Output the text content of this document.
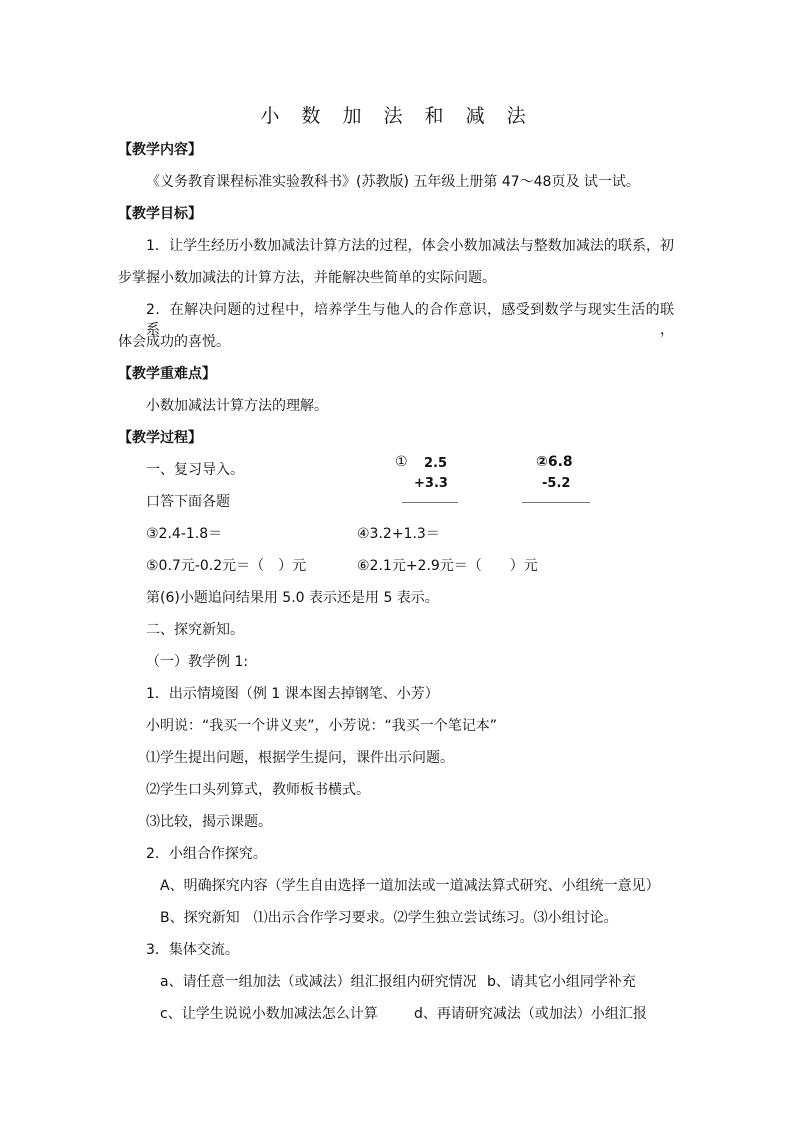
小 数 加 法 和 减 法
【教学内容】
《义务教育课程标准实验教科书》(苏教版) 五年级上册第 47～48页及 试一试。
【教学目标】
1．让学生经历小数加减法计算方法的过程，体会小数加减法与整数加减法的联系，初
步掌握小数加减法的计算方法，并能解决些简单的实际问题。
2．在解决问题的过程中，培养学生与他人的合作意识，感受到数学与现实生活的联系，
体会成功的喜悦。
【教学重难点】
小数加减法计算方法的理解。
【教学过程】
一、复习导入。
口答下面各题
① 2.5
+3.3
②6.8
-5.2
③2.4-1.8＝	④3.2+1.3＝
⑤0.7元-0.2元＝（　）元	⑥2.1元+2.9元＝（　　）元
第(6)小题追问结果用 5.0 表示还是用 5 表示。
二、探究新知。
（一）教学例 1:
1．出示情境图（例 1 课本图去掉钢笔、小芳）
小明说：“我买一个讲义夹”，小芳说：“我买一个笔记本”
⑴学生提出问题，根据学生提问，课件出示问题。
⑵学生口头列算式，教师板书横式。
⑶比较，揭示课题。
2．小组合作探究。
A、明确探究内容（学生自由选择一道加法或一道减法算式研究、小组统一意见）
B、探究新知　⑴出示合作学习要求。⑵学生独立尝试练习。⑶小组讨论。
3．集体交流。
a、请任意一组加法（或减法）组汇报组内研究情况 b、请其它小组同学补充
c、让学生说说小数加减法怎么计算	d、再请研究减法（或加法）小组汇报
